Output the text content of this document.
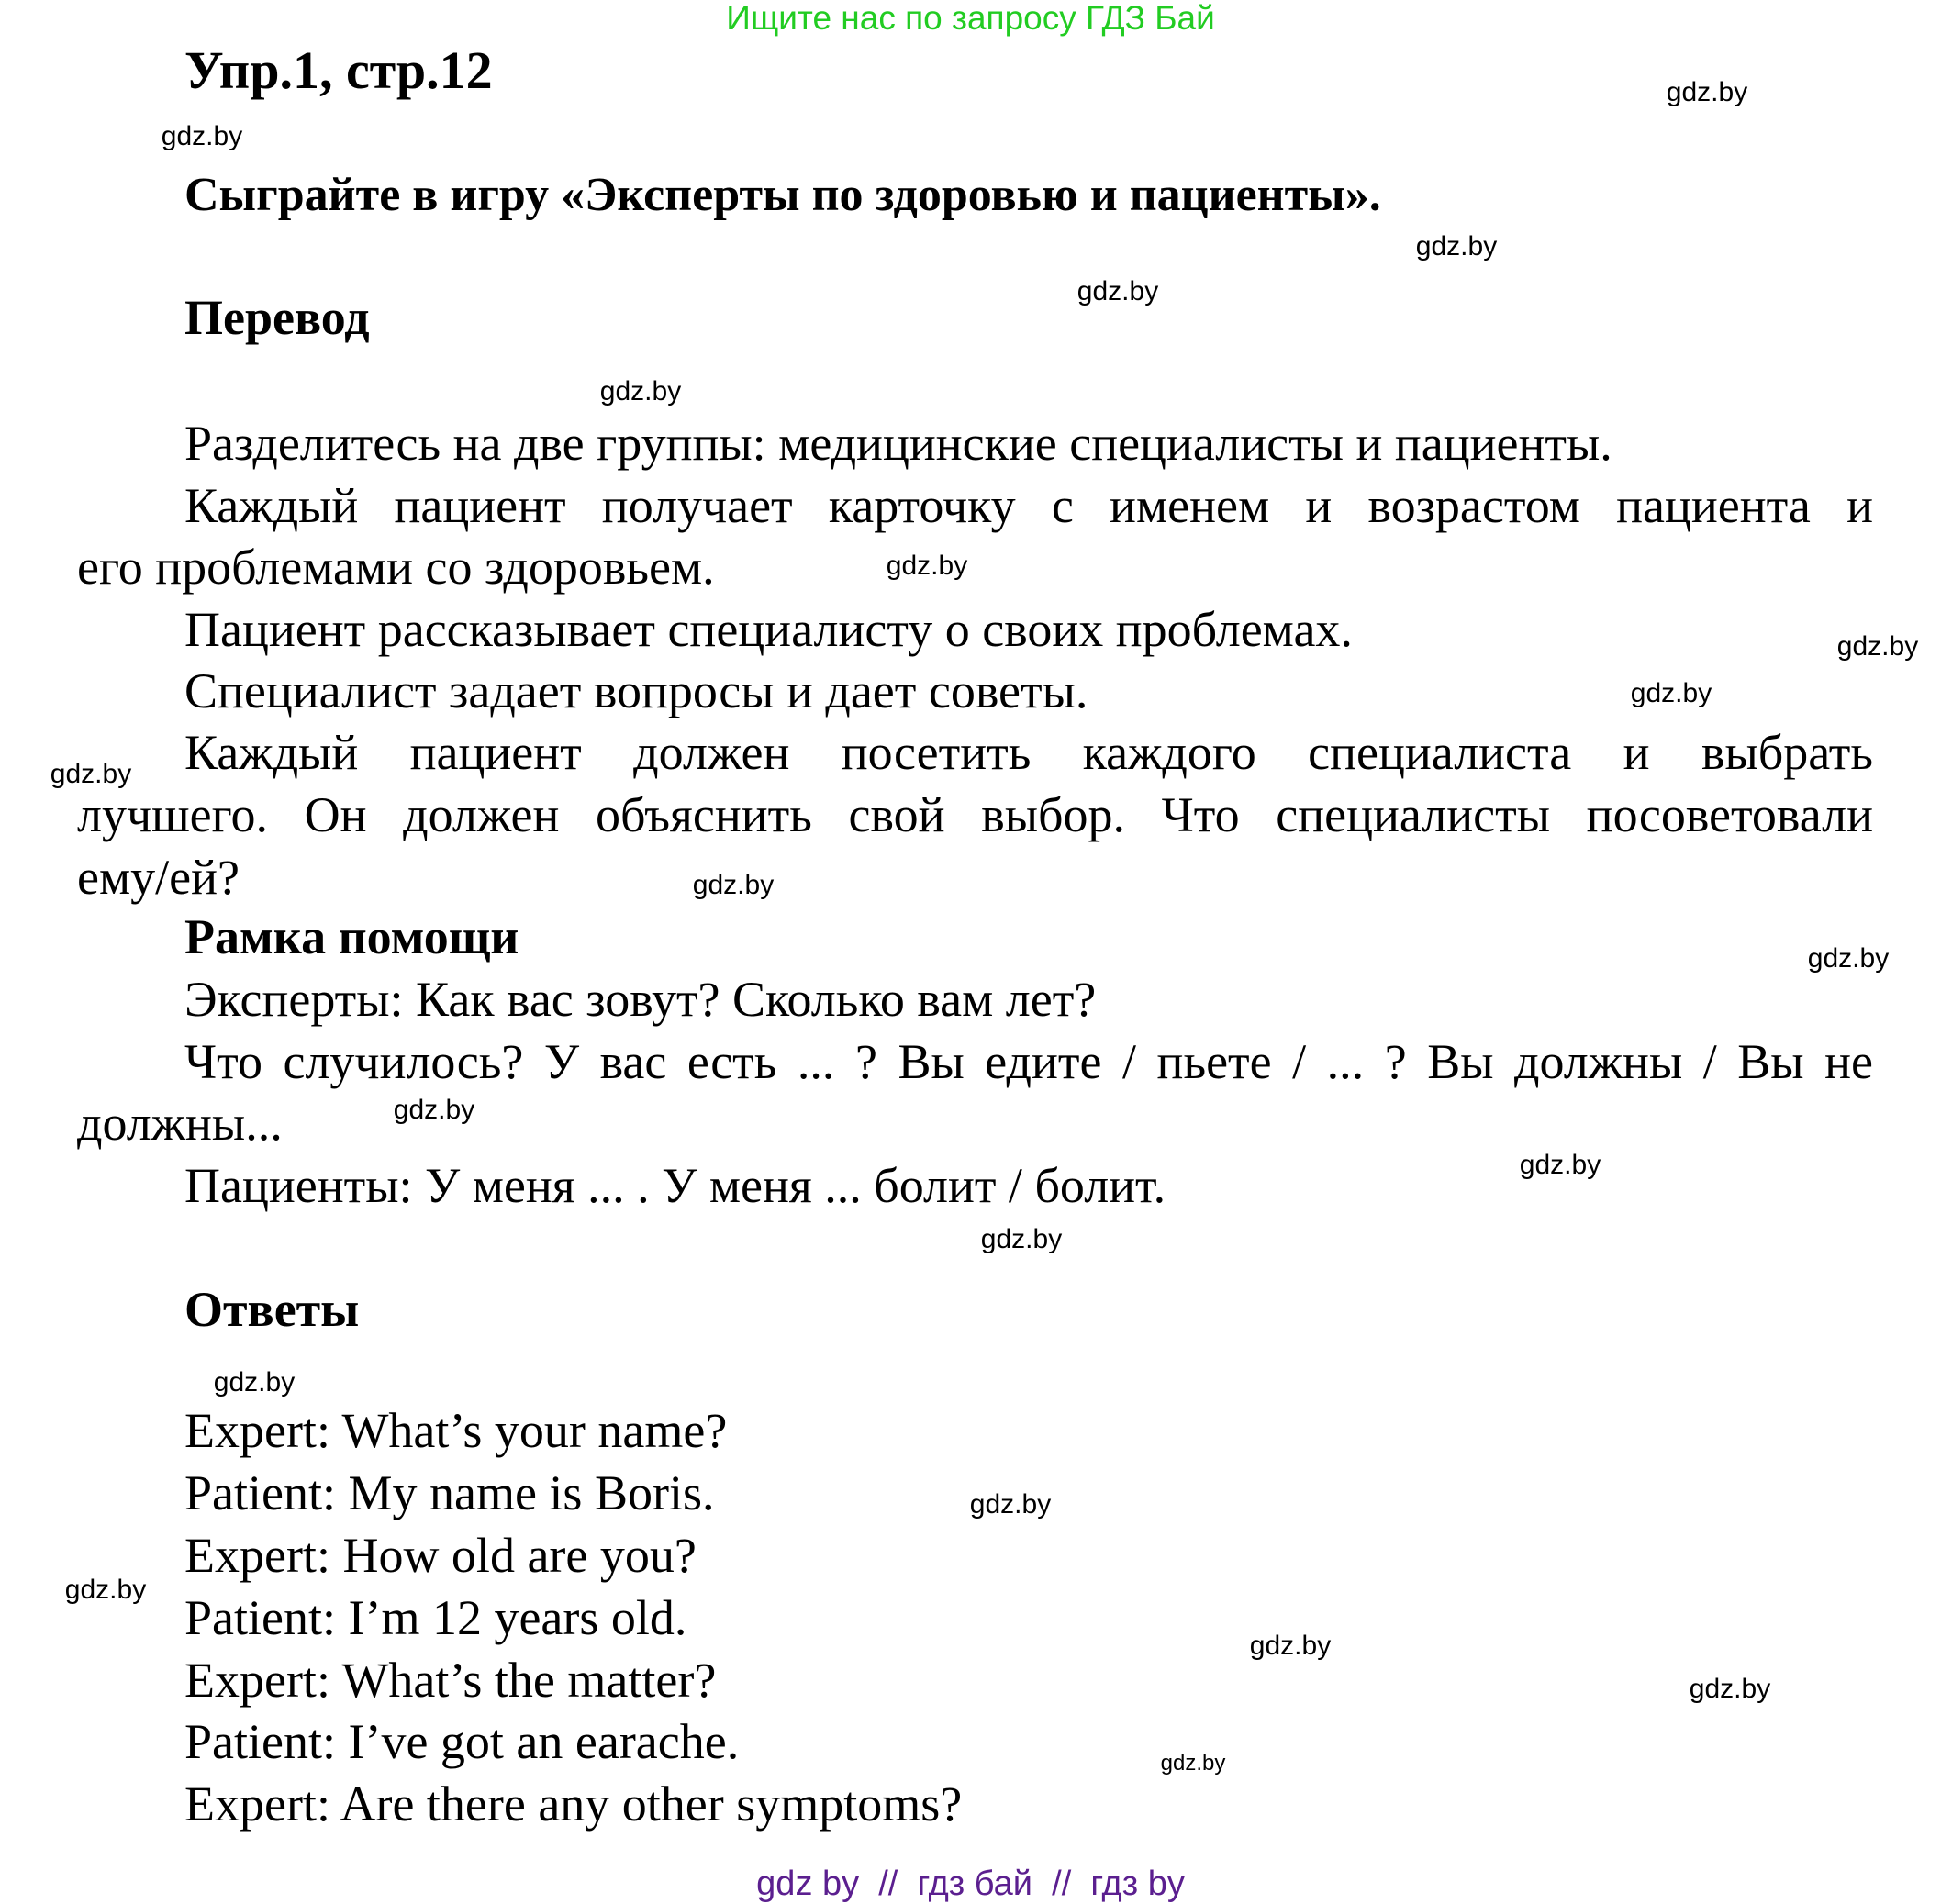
Ищите нас по запросу ГДЗ Бай
Упр.1, стр.12
Сыграйте в игру «Эксперты по здоровью и пациенты».
Перевод
Разделитесь на две группы: медицинские специалисты и пациенты.
Каждый пациент получает карточку с именем и возрастом пациента и
его проблемами со здоровьем.
Пациент рассказывает специалисту о своих проблемах.
Специалист задает вопросы и дает советы.
Каждый пациент должен посетить каждого специалиста и выбрать
лучшего. Он должен объяснить свой выбор. Что специалисты посоветовали
ему/ей?
Рамка помощи
Эксперты: Как вас зовут? Сколько вам лет?
Что случилось? У вас есть ... ? Вы едите / пьете / ... ? Вы должны / Вы не
должны...
Пациенты: У меня ... . У меня ... болит / болит.
Ответы
Expert: What’s your name?
Patient: My name is Boris.
Expert: How old are you?
Patient: I’m 12 years old.
Expert: What’s the matter?
Patient: I’ve got an earache.
Expert: Are there any other symptoms?
gdz.by
gdz.by
gdz.by
gdz.by
gdz.by
gdz.by
gdz.by
gdz.by
gdz.by
gdz.by
gdz.by
gdz.by
gdz.by
gdz.by
gdz.by
gdz.by
gdz.by
gdz.by
gdz.by
gdz.by
gdz by  //  гдз бай  //  гдз by
